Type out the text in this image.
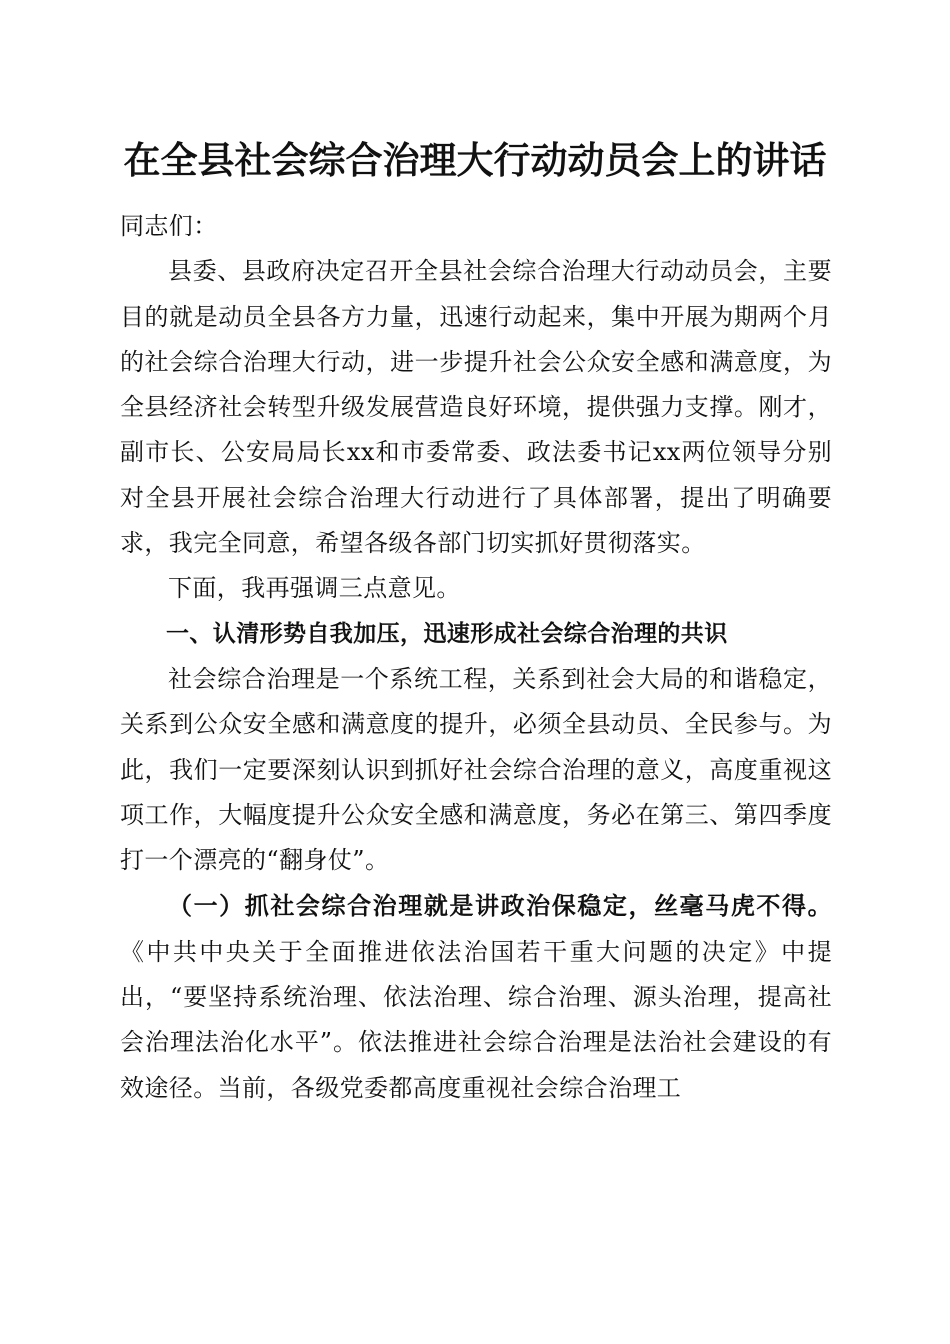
在全县社会综合治理大行动动员会上的讲话

同志们：

县委、县政府决定召开全县社会综合治理大行动动员会，主要目的就是动员全县各方力量，迅速行动起来，集中开展为期两个月的社会综合治理大行动，进一步提升社会公众安全感和满意度，为全县经济社会转型升级发展营造良好环境，提供强力支撑。刚才，副市长、公安局局长xx和市委常委、政法委书记xx两位领导分别对全县开展社会综合治理大行动进行了具体部署，提出了明确要求，我完全同意，希望各级各部门切实抓好贯彻落实。

下面，我再强调三点意见。

一、认清形势自我加压，迅速形成社会综合治理的共识

社会综合治理是一个系统工程，关系到社会大局的和谐稳定，关系到公众安全感和满意度的提升，必须全县动员、全民参与。为此，我们一定要深刻认识到抓好社会综合治理的意义，高度重视这项工作，大幅度提升公众安全感和满意度，务必在第三、第四季度打一个漂亮的“翻身仗”。

（一）抓社会综合治理就是讲政治保稳定，丝毫马虎不得。《中共中央关于全面推进依法治国若干重大问题的决定》中提出，“要坚持系统治理、依法治理、综合治理、源头治理，提高社会治理法治化水平”。依法推进社会综合治理是法治社会建设的有效途径。当前，各级党委都高度重视社会综合治理工
